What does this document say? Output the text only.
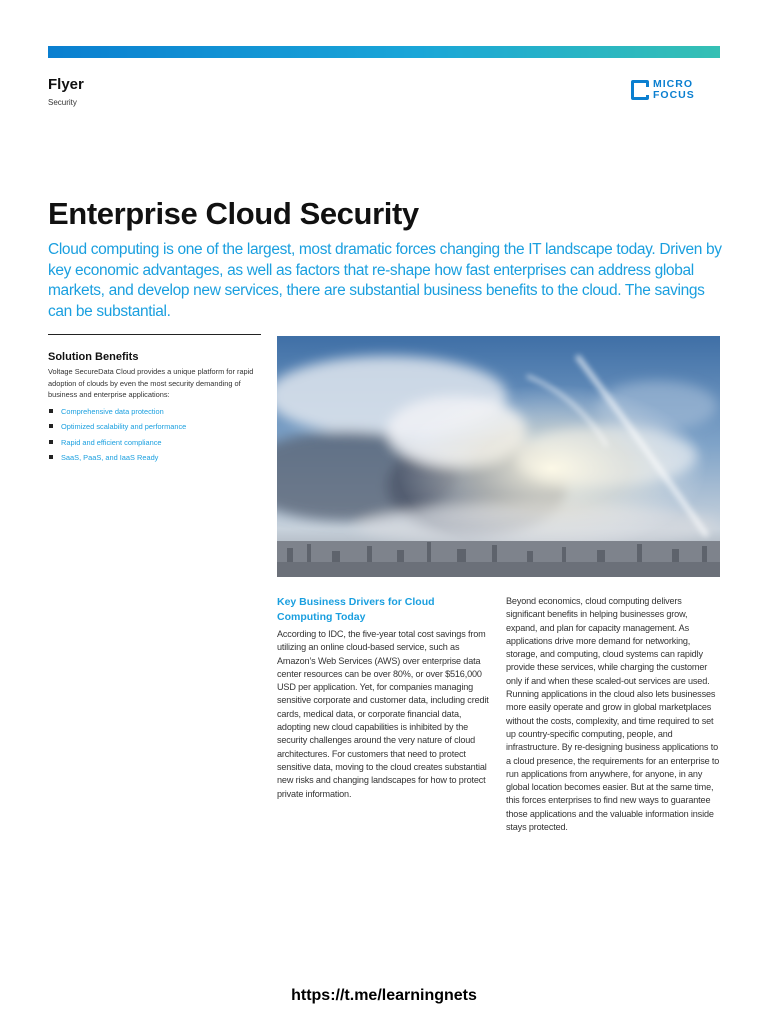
Flyer
Security
MICRO
FOCUS
Enterprise Cloud Security

Cloud computing is one of the largest, most dramatic forces changing the IT landscape today. Driven by key economic advantages, as well as factors that re-shape how fast enterprises can address global markets, and develop new services, there are substantial business benefits to the cloud. The savings can be substantial.

Solution Benefits

Voltage SecureData Cloud provides a unique platform for rapid adoption of clouds by even the most security demanding of business and enterprise applications:

Comprehensive data protection
Optimized scalability and performance
Rapid and efficient compliance
SaaS, PaaS, and IaaS Ready
Key Business Drivers for Cloud Computing Today

According to IDC, the five-year total cost savings from utilizing an online cloud-based service, such as Amazon’s Web Services (AWS) over enterprise data center resources can be over 80%, or over $516,000 USD per application. Yet, for companies managing sensitive corporate and customer data, including credit cards, medical data, or corporate financial data, adopting new cloud capabilities is inhibited by the security challenges around the very nature of cloud architectures. For customers that need to protect sensitive data, moving to the cloud creates substantial new risks and changing landscapes for how to protect private information.

Beyond economics, cloud computing delivers significant benefits in helping businesses grow, expand, and plan for capacity management. As applications drive more demand for networking, storage, and computing, cloud systems can rapidly provide these services, while charging the customer only if and when these scaled-out services are used. Running applications in the cloud also lets businesses more easily operate and grow in global marketplaces without the costs, complexity, and time required to set up country-specific computing, people, and infrastructure. By re-designing business applications to a cloud presence, the requirements for an enterprise to run applications from anywhere, for anyone, in any global location becomes easier. But at the same time, this forces enterprises to find new ways to guarantee those applications and the valuable information inside stays protected.

https://t.me/learningnets
